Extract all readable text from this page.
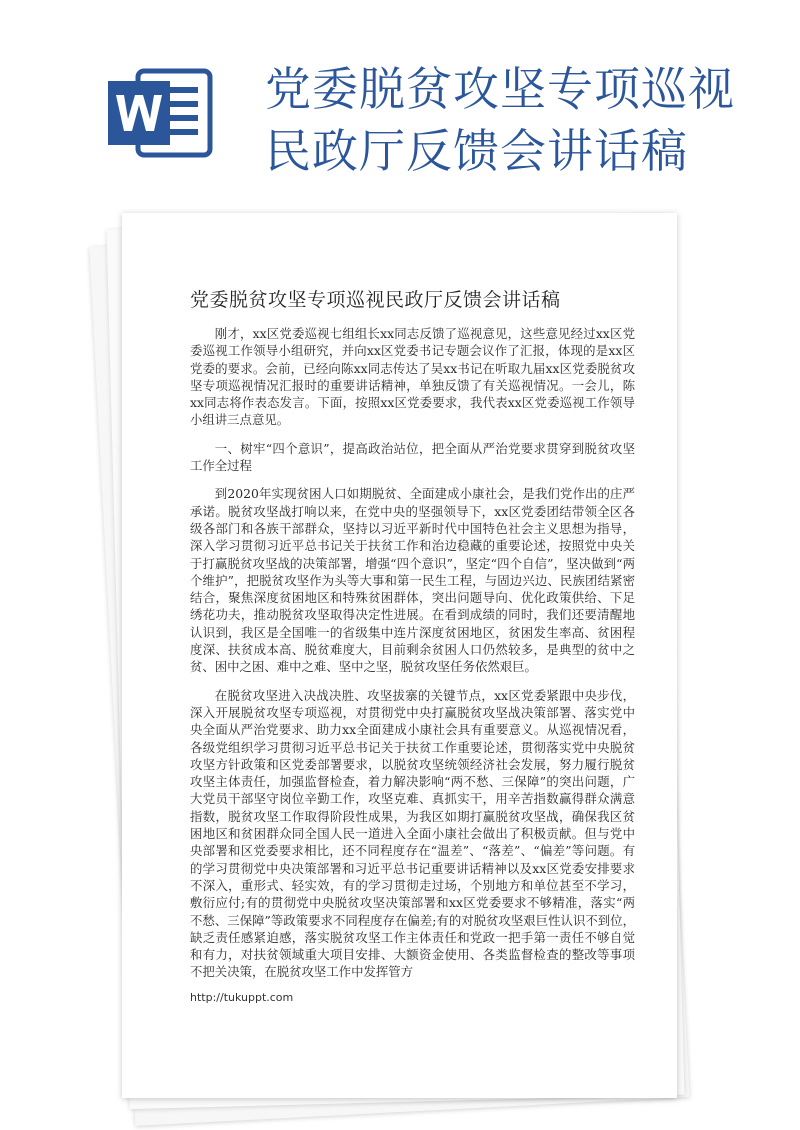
党委脱贫攻坚专项巡视
民政厅反馈会讲话稿
党委脱贫攻坚专项巡视民政厅反馈会讲话稿

刚才，xx区党委巡视七组组长xx同志反馈了巡视意见，这些意见经过xx区党委巡视工作领导小组研究，并向xx区党委书记专题会议作了汇报，体现的是xx区党委的要求。会前，已经向陈xx同志传达了吴xx书记在听取九届xx区党委脱贫攻坚专项巡视情况汇报时的重要讲话精神，单独反馈了有关巡视情况。一会儿，陈xx同志将作表态发言。下面，按照xx区党委要求，我代表xx区党委巡视工作领导小组讲三点意见。

一、树牢“四个意识”，提高政治站位，把全面从严治党要求贯穿到脱贫攻坚工作全过程

到2020年实现贫困人口如期脱贫、全面建成小康社会，是我们党作出的庄严承诺。脱贫攻坚战打响以来，在党中央的坚强领导下，xx区党委团结带领全区各级各部门和各族干部群众，坚持以习近平新时代中国特色社会主义思想为指导，深入学习贯彻习近平总书记关于扶贫工作和治边稳藏的重要论述，按照党中央关于打赢脱贫攻坚战的决策部署，增强“四个意识”，坚定“四个自信”，坚决做到“两个维护”，把脱贫攻坚作为头等大事和第一民生工程，与固边兴边、民族团结紧密结合，聚焦深度贫困地区和特殊贫困群体，突出问题导向、优化政策供给、下足绣花功夫，推动脱贫攻坚取得决定性进展。在看到成绩的同时，我们还要清醒地认识到，我区是全国唯一的省级集中连片深度贫困地区，贫困发生率高、贫困程度深、扶贫成本高、脱贫难度大，目前剩余贫困人口仍然较多，是典型的贫中之贫、困中之困、难中之难、坚中之坚，脱贫攻坚任务依然艰巨。

在脱贫攻坚进入决战决胜、攻坚拔寨的关键节点，xx区党委紧跟中央步伐，深入开展脱贫攻坚专项巡视，对贯彻党中央打赢脱贫攻坚战决策部署、落实党中央全面从严治党要求、助力xx全面建成小康社会具有重要意义。从巡视情况看，各级党组织学习贯彻习近平总书记关于扶贫工作重要论述，贯彻落实党中央脱贫攻坚方针政策和区党委部署要求，以脱贫攻坚统领经济社会发展，努力履行脱贫攻坚主体责任，加强监督检查，着力解决影响“两不愁、三保障”的突出问题，广大党员干部坚守岗位辛勤工作，攻坚克难、真抓实干，用辛苦指数赢得群众满意指数，脱贫攻坚工作取得阶段性成果，为我区如期打赢脱贫攻坚战，确保我区贫困地区和贫困群众同全国人民一道进入全面小康社会做出了积极贡献。但与党中央部署和区党委要求相比，还不同程度存在“温差”、“落差”、“偏差”等问题。有的学习贯彻党中央决策部署和习近平总书记重要讲话精神以及xx区党委安排要求不深入，重形式、轻实效，有的学习贯彻走过场，个别地方和单位甚至不学习，敷衍应付;有的贯彻党中央脱贫攻坚决策部署和xx区党委要求不够精准，落实“两不愁、三保障”等政策要求不同程度存在偏差;有的对脱贫攻坚艰巨性认识不到位，缺乏责任感紧迫感，落实脱贫攻坚工作主体责任和党政一把手第一责任不够自觉和有力，对扶贫领域重大项目安排、大额资金使用、各类监督检查的整改等事项不把关决策，在脱贫攻坚工作中发挥管方

http://tukuppt.com
